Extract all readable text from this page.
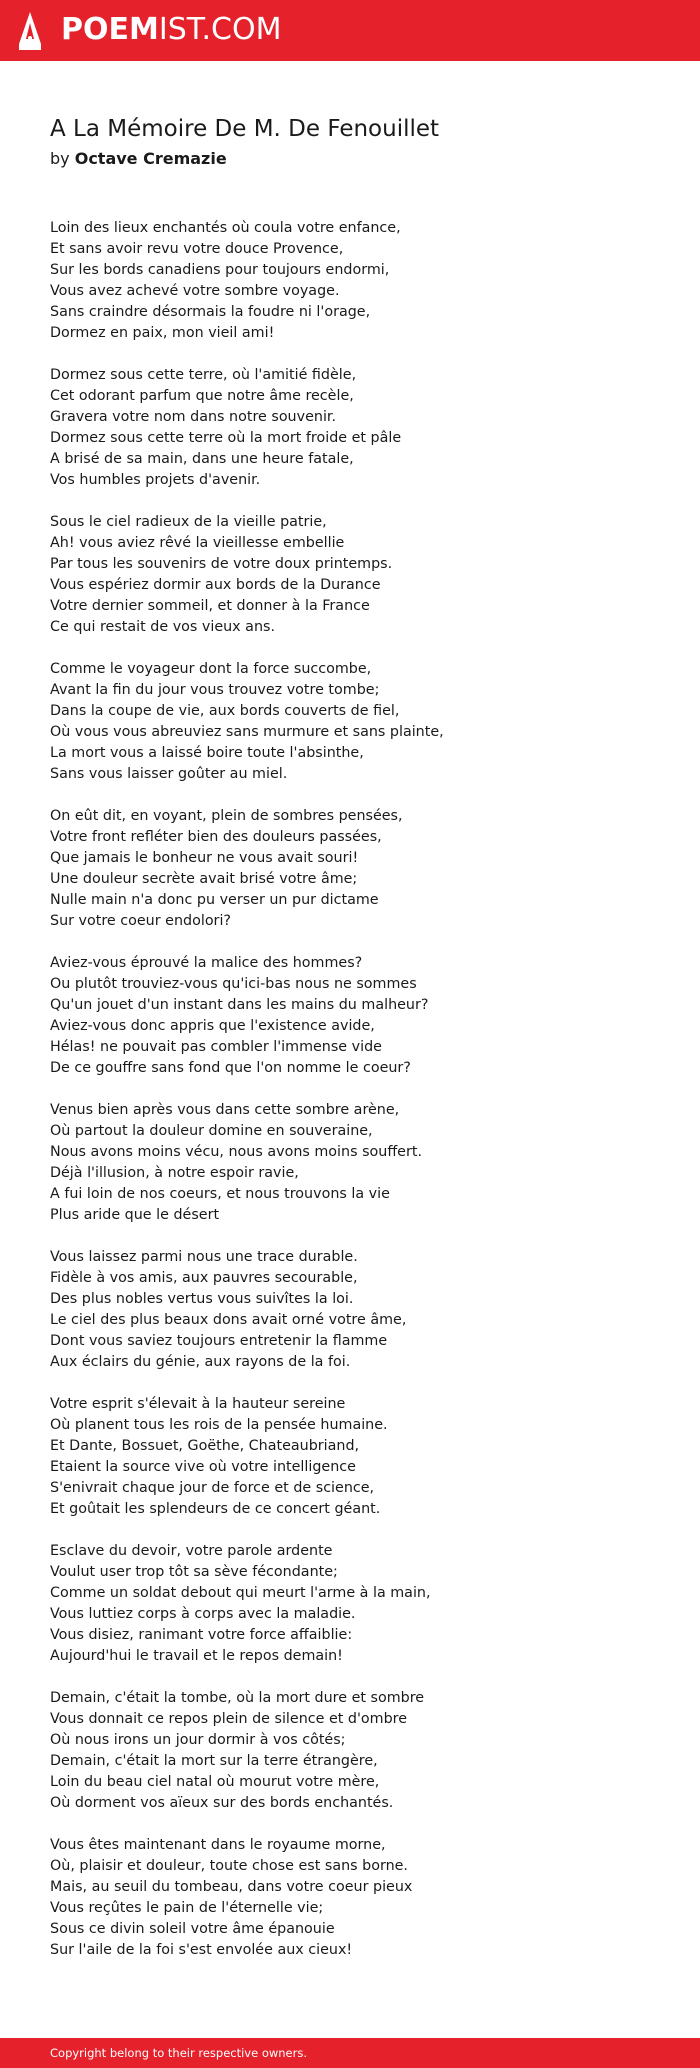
POEMIST.COM
A La Mémoire De M. De Fenouillet
by Octave Cremazie
Loin des lieux enchantés où coula votre enfance,
Et sans avoir revu votre douce Provence,
Sur les bords canadiens pour toujours endormi,
Vous avez achevé votre sombre voyage.
Sans craindre désormais la foudre ni l'orage,
Dormez en paix, mon vieil ami!
Dormez sous cette terre, où l'amitié fidèle,
Cet odorant parfum que notre âme recèle,
Gravera votre nom dans notre souvenir.
Dormez sous cette terre où la mort froide et pâle
A brisé de sa main, dans une heure fatale,
Vos humbles projets d'avenir.
Sous le ciel radieux de la vieille patrie,
Ah! vous aviez rêvé la vieillesse embellie
Par tous les souvenirs de votre doux printemps.
Vous espériez dormir aux bords de la Durance
Votre dernier sommeil, et donner à la France
Ce qui restait de vos vieux ans.
Comme le voyageur dont la force succombe,
Avant la fin du jour vous trouvez votre tombe;
Dans la coupe de vie, aux bords couverts de fiel,
Où vous vous abreuviez sans murmure et sans plainte,
La mort vous a laissé boire toute l'absinthe,
Sans vous laisser goûter au miel.
On eût dit, en voyant, plein de sombres pensées,
Votre front refléter bien des douleurs passées,
Que jamais le bonheur ne vous avait souri!
Une douleur secrète avait brisé votre âme;
Nulle main n'a donc pu verser un pur dictame
Sur votre coeur endolori?
Aviez-vous éprouvé la malice des hommes?
Ou plutôt trouviez-vous qu'ici-bas nous ne sommes
Qu'un jouet d'un instant dans les mains du malheur?
Aviez-vous donc appris que l'existence avide,
Hélas! ne pouvait pas combler l'immense vide
De ce gouffre sans fond que l'on nomme le coeur?
Venus bien après vous dans cette sombre arène,
Où partout la douleur domine en souveraine,
Nous avons moins vécu, nous avons moins souffert.
Déjà l'illusion, à notre espoir ravie,
A fui loin de nos coeurs, et nous trouvons la vie
Plus aride que le désert
Vous laissez parmi nous une trace durable.
Fidèle à vos amis, aux pauvres secourable,
Des plus nobles vertus vous suivîtes la loi.
Le ciel des plus beaux dons avait orné votre âme,
Dont vous saviez toujours entretenir la flamme
Aux éclairs du génie, aux rayons de la foi.
Votre esprit s'élevait à la hauteur sereine
Où planent tous les rois de la pensée humaine.
Et Dante, Bossuet, Goëthe, Chateaubriand,
Etaient la source vive où votre intelligence
S'enivrait chaque jour de force et de science,
Et goûtait les splendeurs de ce concert géant.
Esclave du devoir, votre parole ardente
Voulut user trop tôt sa sève fécondante;
Comme un soldat debout qui meurt l'arme à la main,
Vous luttiez corps à corps avec la maladie.
Vous disiez, ranimant votre force affaiblie:
Aujourd'hui le travail et le repos demain!
Demain, c'était la tombe, où la mort dure et sombre
Vous donnait ce repos plein de silence et d'ombre
Où nous irons un jour dormir à vos côtés;
Demain, c'était la mort sur la terre étrangère,
Loin du beau ciel natal où mourut votre mère,
Où dorment vos aïeux sur des bords enchantés.
Vous êtes maintenant dans le royaume morne,
Où, plaisir et douleur, toute chose est sans borne.
Mais, au seuil du tombeau, dans votre coeur pieux
Vous reçûtes le pain de l'éternelle vie;
Sous ce divin soleil votre âme épanouie
Sur l'aile de la foi s'est envolée aux cieux!
Copyright belong to their respective owners.
